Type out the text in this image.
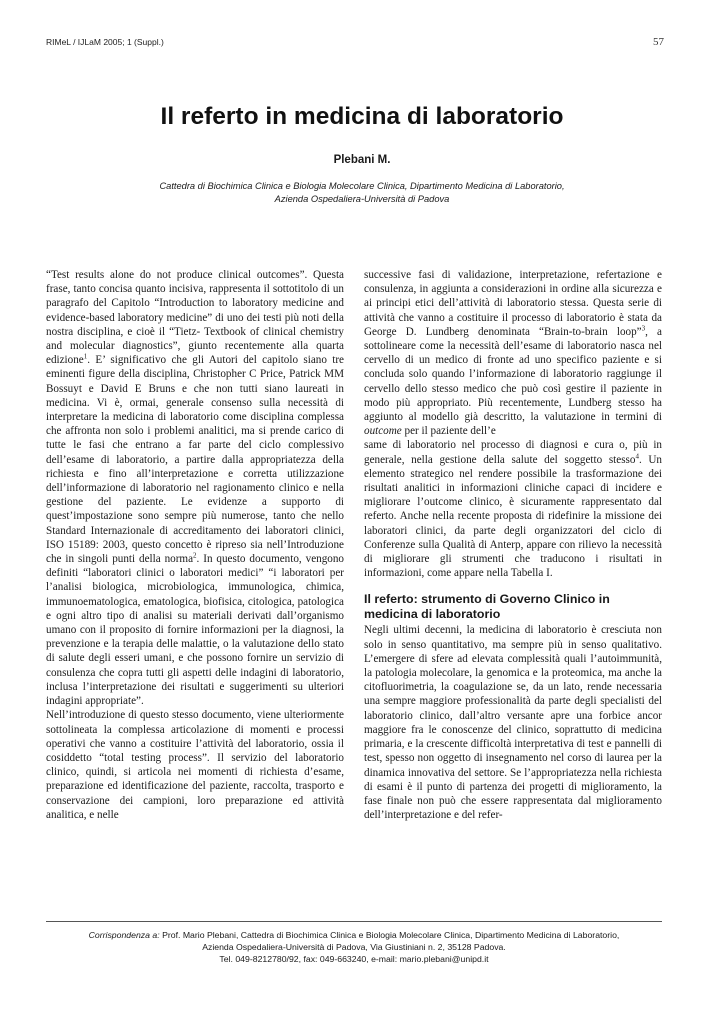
RIMeL / IJLaM 2005; 1 (Suppl.)	57
Il referto in medicina di laboratorio
Plebani M.
Cattedra di Biochimica Clinica e Biologia Molecolare Clinica, Dipartimento Medicina di Laboratorio,
Azienda Ospedaliera-Università di Padova

“Test results alone do not produce clinical outcomes”. Questa frase, tanto concisa quanto incisiva, rappresenta il sottotitolo di un paragrafo del Capitolo “Introduction to laboratory medicine and evidence-based laboratory medicine” di uno dei testi più noti della nostra disciplina, e cioè il “Tietz- Textbook of clinical chemistry and molecular diagnostics”, giunto recentemente alla quarta edizione$^1$. E’ significativo che gli Autori del capitolo siano tre eminenti figure della disciplina, Christopher C Price, Patrick MM Bossuyt e David E Bruns e che non tutti siano laureati in medicina. Vi è, ormai, generale consenso sulla necessità di interpretare la medicina di laboratorio come disciplina complessa che affronta non solo i problemi analitici, ma si prende carico di tutte le fasi che entrano a far parte del ciclo complessivo dell’esame di laboratorio, a partire dalla appropriatezza della richiesta e fino all’interpretazione e corretta utilizzazione dell’informazione di laboratorio nel ragionamento clinico e nella gestione del paziente. Le evidenze a supporto di quest’impostazione sono sempre più numerose, tanto che nello Standard Internazionale di accreditamento dei laboratori clinici, ISO 15189: 2003, questo concetto è ripreso sia nell’Introduzione che in singoli punti della norma$^2$. In questo documento, vengono definiti “laboratori clinici o laboratori medici” “i laboratori per l’analisi biologica, microbiologica, immunologica, chimica, immunoematologica, ematologica, biofisica, citologica, patologica e ogni altro tipo di analisi su materiali derivati dall’organismo umano con il proposito di fornire informazioni per la diagnosi, la prevenzione e la terapia delle malattie, o la valutazione dello stato di salute degli esseri umani, e che possono fornire un servizio di consulenza che copra tutti gli aspetti delle indagini di laboratorio, inclusa l’interpretazione dei risultati e suggerimenti su ulteriori indagini appropriate”.

Nell’introduzione di questo stesso documento, viene ulteriormente sottolineata la complessa articolazione di momenti e processi operativi che vanno a costituire l’attività del laboratorio, ossia il cosiddetto “total testing process”. Il servizio del laboratorio clinico, quindi, si articola nei momenti di richiesta d’esame, preparazione ed identificazione del paziente, raccolta, trasporto e conservazione dei campioni, loro preparazione ed attività analitica, e nelle

successive fasi di validazione, interpretazione, refertazione e consulenza, in aggiunta a considerazioni in ordine alla sicurezza e ai principi etici dell’attività di laboratorio stessa. Questa serie di attività che vanno a costituire il processo di laboratorio è stata da George D. Lundberg denominata “Brain-to-brain loop”$^3$, a sottolineare come la necessità dell’esame di laboratorio nasca nel cervello di un medico di fronte ad uno specifico paziente e si concluda solo quando l’informazione di laboratorio raggiunge il cervello dello stesso medico che può così gestire il paziente in modo più appropriato. Più recentemente, Lundberg stesso ha aggiunto al modello già descritto, la valutazione in termini di outcome per il paziente dell’e

same di laboratorio nel processo di diagnosi e cura o, più in generale, nella gestione della salute del soggetto stesso$^4$. Un elemento strategico nel rendere possibile la trasformazione dei risultati analitici in informazioni cliniche capaci di incidere e migliorare l’outcome clinico, è sicuramente rappresentato dal referto. Anche nella recente proposta di ridefinire la missione dei laboratori clinici, da parte degli organizzatori del ciclo di Conferenze sulla Qualità di Anterp, appare con rilievo la necessità di migliorare gli strumenti che traducono i risultati in informazioni, come appare nella Tabella I.

Il referto: strumento di Governo Clinico in medicina di laboratorio

Negli ultimi decenni, la medicina di laboratorio è cresciuta non solo in senso quantitativo, ma sempre più in senso qualitativo. L’emergere di sfere ad elevata complessità quali l’autoimmunità, la patologia molecolare, la genomica e la proteomica, ma anche la citofluorimetria, la coagulazione se, da un lato, rende necessaria una sempre maggiore professionalità da parte degli specialisti del laboratorio clinico, dall’altro versante apre una forbice ancor maggiore fra le conoscenze del clinico, soprattutto di medicina primaria, e la crescente difficoltà interpretativa di test e pannelli di test, spesso non oggetto di insegnamento nel corso di laurea per la dinamica innovativa del settore. Se l’appropriatezza nella richiesta di esami è il punto di partenza dei progetti di miglioramento, la fase finale non può che essere rappresentata dal miglioramento dell’interpretazione e del refer-

Corrispondenza a: Prof. Mario Plebani, Cattedra di Biochimica Clinica e Biologia Molecolare Clinica, Dipartimento Medicina di Laboratorio,
Azienda Ospedaliera-Università di Padova, Via Giustiniani n. 2, 35128 Padova.
Tel. 049-8212780/92, fax: 049-663240, e-mail: mario.plebani@unipd.it
